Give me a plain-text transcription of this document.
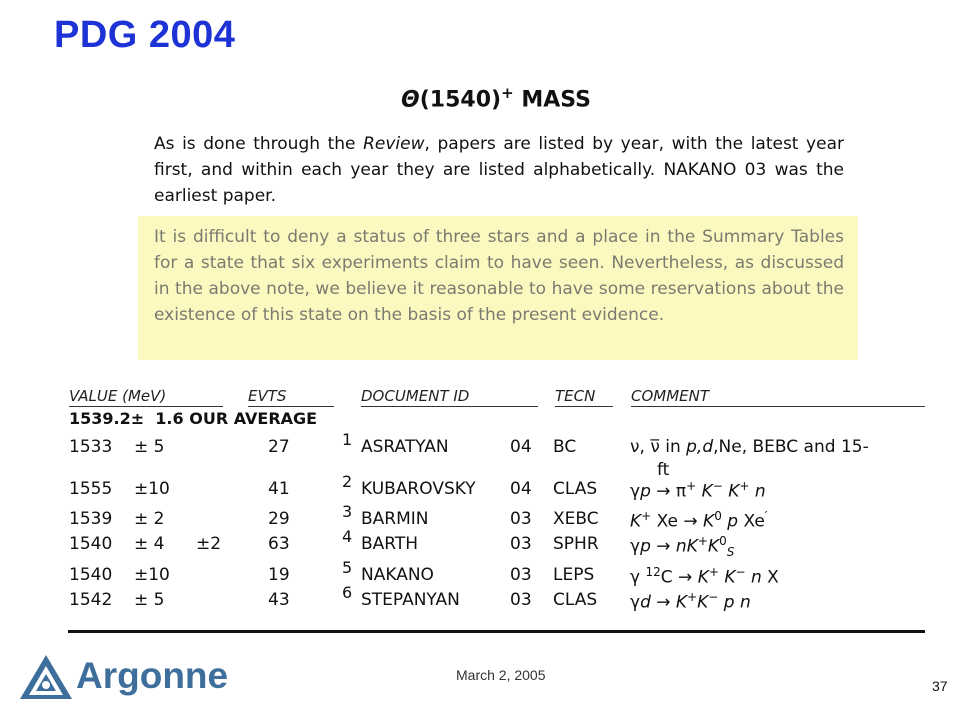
PDG 2004
Θ(1540)+ MASS
As is done through the Review, papers are listed by year, with the latest year first, and within each year they are listed alphabetically. NAKANO 03 was the earliest paper.
It is difficult to deny a status of three stars and a place in the Summary Tables for a state that six experiments claim to have seen. Nevertheless, as discussed in the above note, we believe it reasonable to have some reservations about the existence of this state on the basis of the present evidence.
VALUE (MeV)	EVTS	DOCUMENT ID	TECN COMMENT
1539.2± 1.6 OUR AVERAGE
1533 ± 5	27	1 ASRATYAN	04 BC	ν, ν̅ in p,d,Ne, BEBC and 15-
ft
1555 ±10	41	2 KUBAROVSKY 04 CLAS γp → π+ K− K+ n
1539 ± 2	29	3 BARMIN	03 XEBC K+ $Xe \to K^0$ p Xe′
1540 ± 4 ±2	63	4 BARTH	03 SPHR $\gamma p \to nK^+K^0_S$
1540 ±10	19	5 NAKANO	03 LEPS γ $^{12}$C → K+ K− n X
1542 ± 5	43	6 STEPANYAN	03 CLAS γd → K+K− p n
Argonne	March 2, 2005
37
